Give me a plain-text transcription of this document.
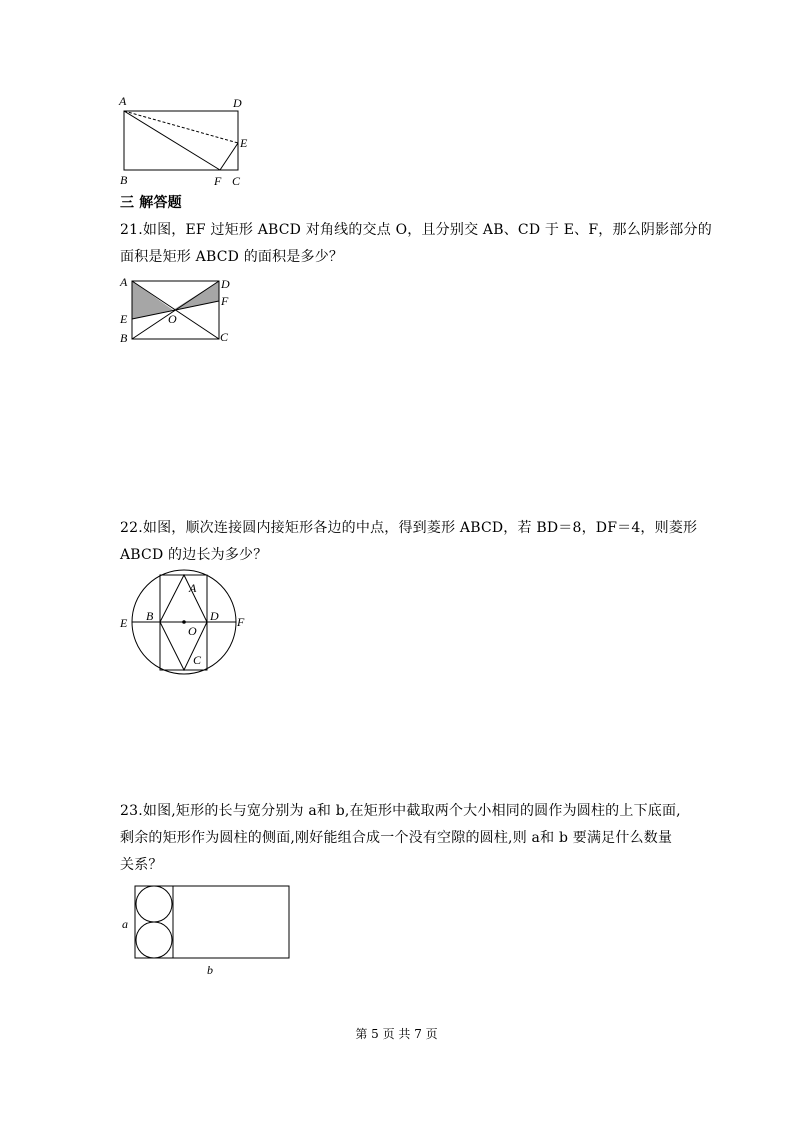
A	D
E
B	F C
三 解答题
21.如图，EF 过矩形 ABCD 对角线的交点 O，且分别交 AB、CD 于 E、F，那么阴影部分的
面积是矩形 ABCD 的面积是多少？
A	D
F
E	O
B	C
22.如图，顺次连接圆内接矩形各边的中点，得到菱形 ABCD，若 BD＝8，DF＝4，则菱形
ABCD 的边长为多少？
E B
A
D
O
F
C
23.如图,矩形的长与宽分别为 a和 b,在矩形中截取两个大小相同的圆作为圆柱的上下底面,
剩余的矩形作为圆柱的侧面,刚好能组合成一个没有空隙的圆柱,则 a和 b 要满足什么数量
关系？
a
b
第 5 页 共 7 页
